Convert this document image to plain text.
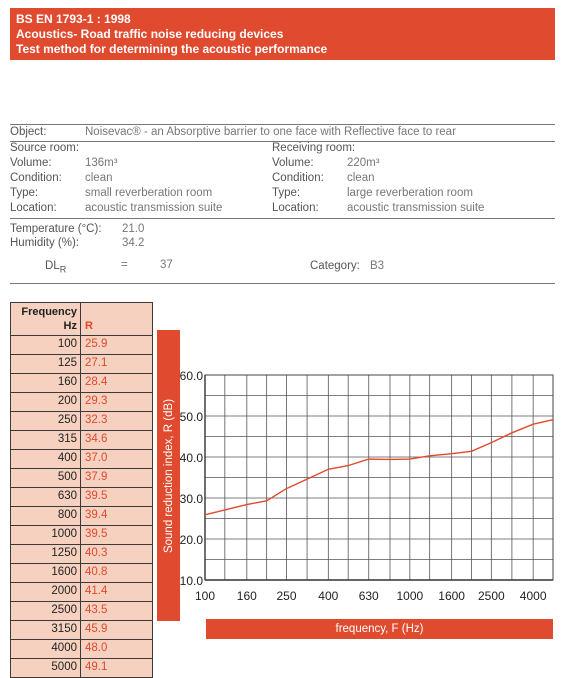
BS EN 1793-1 : 1998
Acoustics- Road traffic noise reducing devices
Test method for determining the acoustic performance
Object:	Noisevac® - an Absorptive barrier to one face with Reflective face to rear
Source room:
Volume:	136m³
Condition: clean
Type:	small reverberation room
Location: acoustic transmission suite
Receiving room:
Volume:	220m³
Condition: clean
Type:	large reverberation room
Location: acoustic transmission suite
Temperature (°C): 21.0
Humidity (%):	34.2
$DL_R$	=	37	Category: B3
Frequency
Hz R
100 25.9
125 27.1
160 28.4
200 29.3
250 32.3
315 34.6
400 37.0
500 37.9
630 39.5
800 39.4
1000 39.5
1250 40.3
1600 40.8
2000 41.4
2500 43.5
3150 45.9
4000 48.0
5000 49.1
Sound reduction index, R (dB)
10.0
20.0
30.0
40.0
50.0
60.0
100 160 250 400 630 1000 1600 2500 4000
frequency, F (Hz)
